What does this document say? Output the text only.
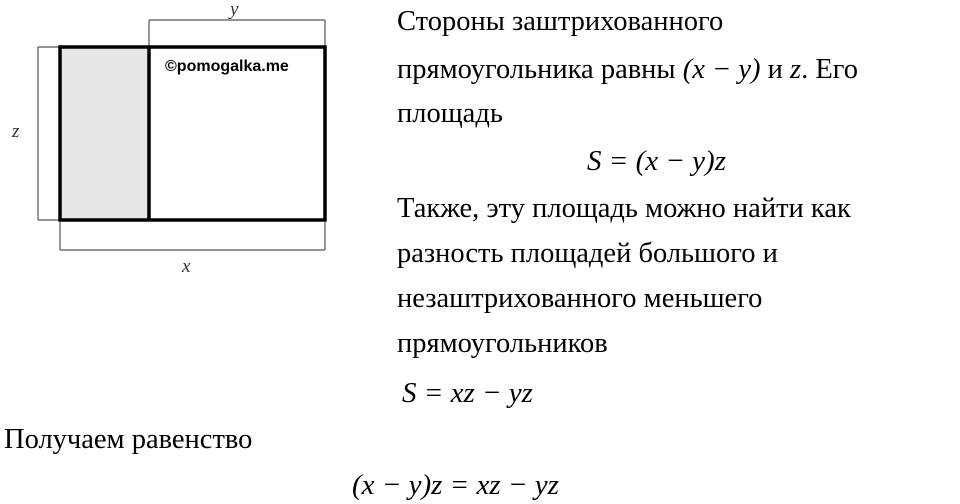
y
z
x
©pomogalka.me
Стороны заштрихованного
прямоугольника равны (x − y) и z. Его
площадь
S = (x − y)z
Также, эту площадь можно найти как
разность площадей большого и
незаштрихованного меньшего
прямоугольников
S = xz − yz
Получаем равенство
(x − y)z = xz − yz
